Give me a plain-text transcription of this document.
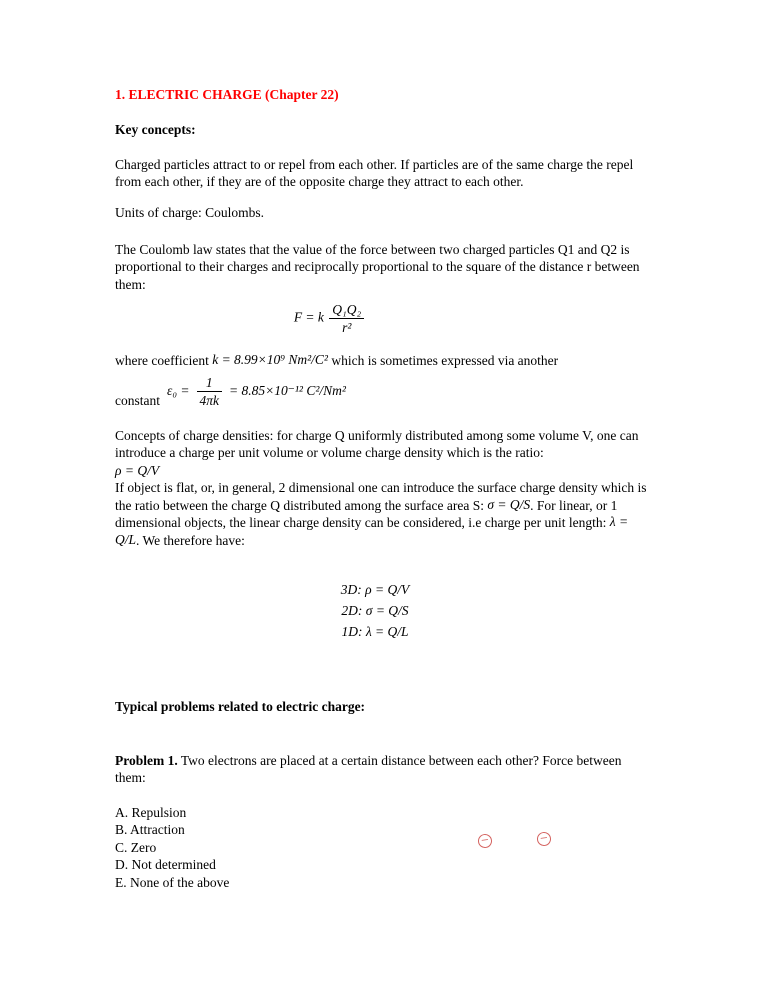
1. ELECTRIC CHARGE (Chapter 22)
Key concepts:

Charged particles attract to or repel from each other. If particles are of the same charge the repel from each other, if they are of the opposite charge they attract to each other.

Units of charge: Coulombs.

The Coulomb law states that the value of the force between two charged particles Q1 and Q2 is proportional to their charges and reciprocally proportional to the square of the distance r between them:

F = k $\frac{\text{Q₁Q₂}}{\text{r²}}$

where coefficient k = 8.99×10⁹ Nm²/C² which is sometimes expressed via another

constant
$\varepsilon_0 = \frac{1}{4\pi k} = 8.85\times 10^{-12}$ C²/Nm²

Concepts of charge densities: for charge Q uniformly distributed among some volume V, one can introduce a charge per unit volume or volume charge density which is the ratio:

ρ = Q/V

If object is flat, or, in general, 2 dimensional one can introduce the surface charge density which is the ratio between the charge Q distributed among the surface area S: σ = Q/S. For linear, or 1 dimensional objects, the linear charge density can be considered, i.e charge per unit length: λ = Q/L. We therefore have:

3D: ρ = Q/V
2D: σ = Q/S
1D: λ = Q/L
Typical problems related to electric charge:

Problem 1. Two electrons are placed at a certain distance between each other? Force between them:

A. Repulsion
B. Attraction
C. Zero
D. Not determined
E. None of the above
−	−
